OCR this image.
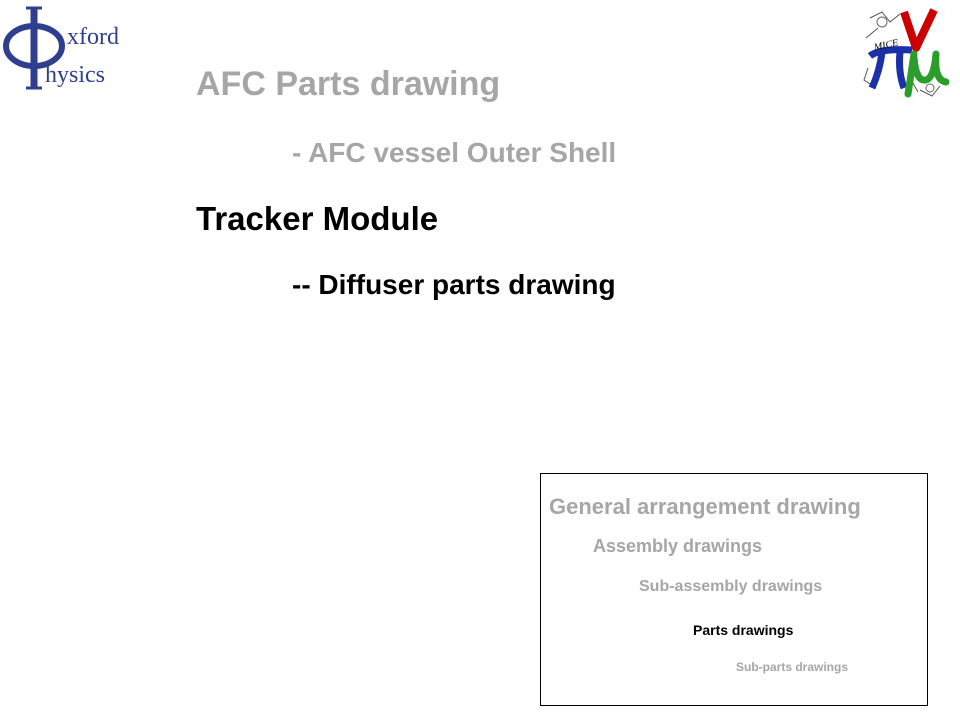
xford
hysics
MICE
AFC Parts drawing
- AFC vessel Outer Shell
Tracker Module
-- Diffuser parts drawing
General arrangement drawing
Assembly drawings
Sub-assembly drawings
Parts drawings
Sub-parts drawings
